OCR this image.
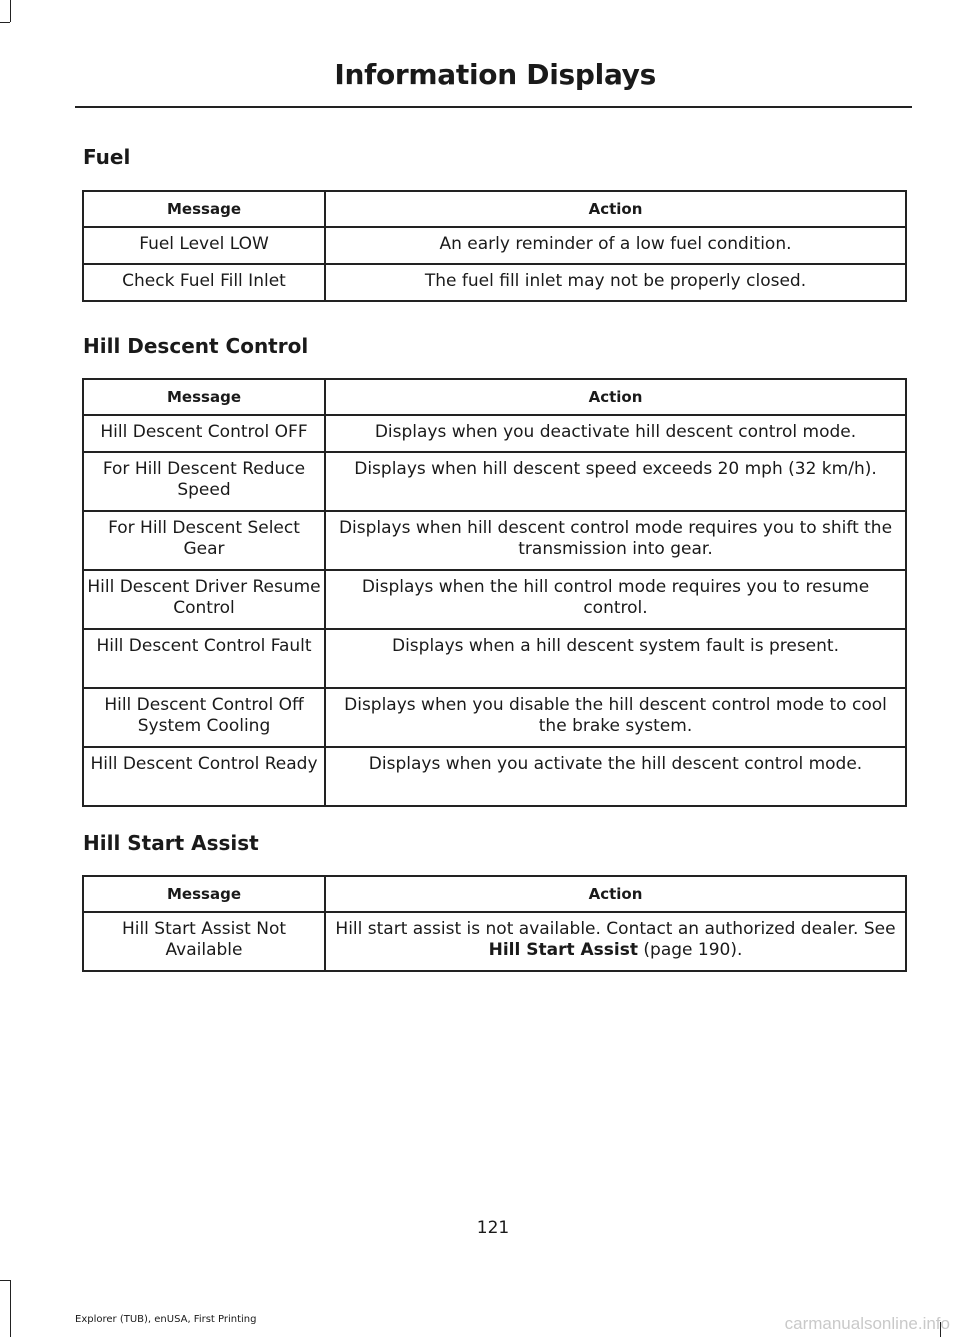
Information Displays
Fuel
Message	Action
Fuel Level LOW	An early reminder of a low fuel condition.
Check Fuel Fill Inlet	The fuel fill inlet may not be properly closed.
Hill Descent Control
Message	Action
Hill Descent Control OFF	Displays when you deactivate hill descent control mode.
For Hill Descent Reduce Speed	Displays when hill descent speed exceeds 20 mph (32 km/h).
For Hill Descent Select Gear	Displays when hill descent control mode requires you to shift the transmission into gear.
Hill Descent Driver Resume Control	Displays when the hill control mode requires you to resume control.
Hill Descent Control Fault	Displays when a hill descent system fault is present.
Hill Descent Control Off System Cooling	Displays when you disable the hill descent control mode to cool the brake system.
Hill Descent Control Ready	Displays when you activate the hill descent control mode.
Hill Start Assist
Message	Action
Hill Start Assist Not Available	Hill start assist is not available. Contact an authorized dealer. See Hill Start Assist (page 190).
121
Explorer (TUB), enUSA, First Printing	carmanualsonline.info
